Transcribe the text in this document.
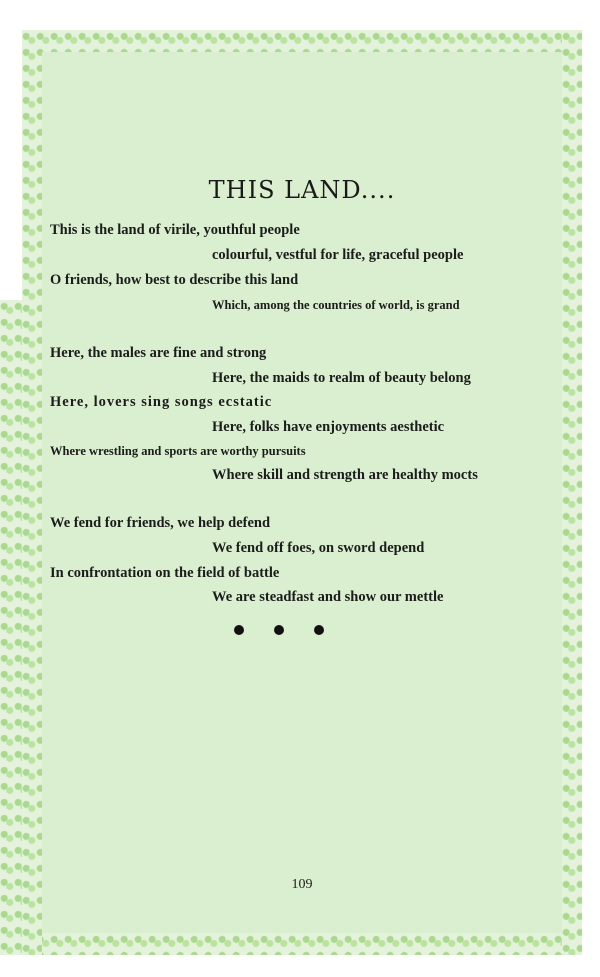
THIS LAND....
This is the land of virile, youthful people
colourful, vestful for life, graceful people
O friends, how best to describe this land
Which, among the countries of world, is grand
Here, the males are fine and strong
Here, the maids to realm of beauty belong
Here, lovers sing songs ecstatic
Here, folks have enjoyments aesthetic
Where wrestling and sports are worthy pursuits
Where skill and strength are healthy mocts
We fend for friends, we help defend
We fend off foes, on sword depend
In confrontation on the field of battle
We are steadfast and show our mettle
109
